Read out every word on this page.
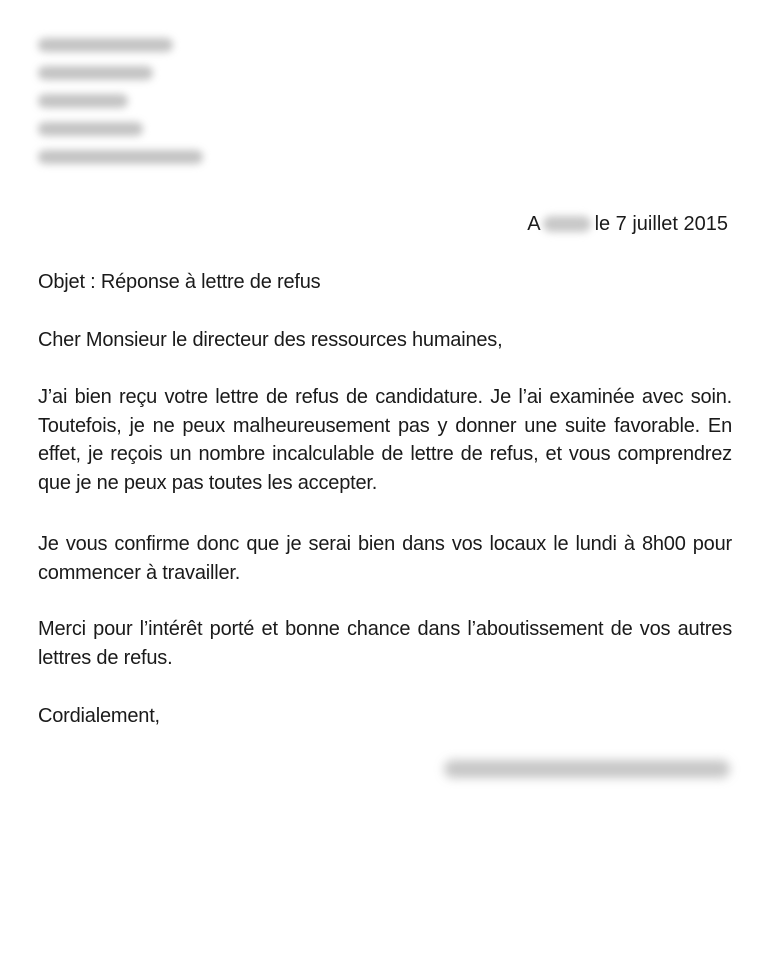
A	le 7 juillet 2015
Objet : Réponse à lettre de refus
Cher Monsieur le directeur des ressources humaines,
J’ai bien reçu votre lettre de refus de candidature. Je l’ai examinée avec soin. Toutefois, je ne peux malheureusement pas y donner une suite favorable. En effet, je reçois un nombre incalculable de lettre de refus, et vous comprendrez que je ne peux pas toutes les accepter.
Je vous confirme donc que je serai bien dans vos locaux le lundi à 8h00 pour commencer à travailler.
Merci pour l’intérêt porté et bonne chance dans l’aboutissement de vos autres lettres de refus.
Cordialement,
